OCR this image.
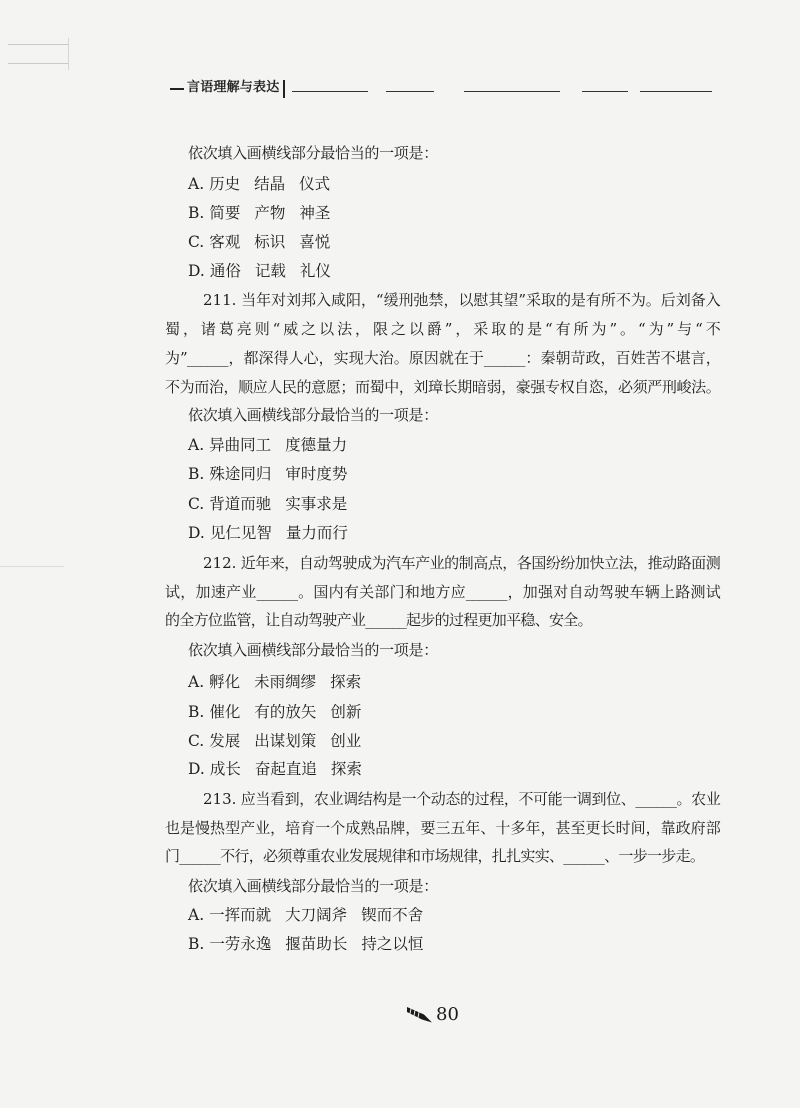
言语理解与表达
依次填入画横线部分最恰当的一项是：
A. 历史 结晶 仪式
B. 简要 产物 神圣
C. 客观 标识 喜悦
D. 通俗 记载 礼仪
211. 当年对刘邦入咸阳，“缓刑弛禁，以慰其望”采取的是有所不为。后刘备入
蜀，诸葛亮则“威之以法，限之以爵”，采取的是“有所为”。“为”与“不
为”______，都深得人心，实现大治。原因就在于______：秦朝苛政，百姓苦不堪言，
不为而治，顺应人民的意愿；而蜀中，刘璋长期暗弱，豪强专权自恣，必须严刑峻法。
依次填入画横线部分最恰当的一项是：
A. 异曲同工 度德量力
B. 殊途同归 审时度势
C. 背道而驰 实事求是
D. 见仁见智 量力而行
212. 近年来，自动驾驶成为汽车产业的制高点，各国纷纷加快立法，推动路面测
试，加速产业______。国内有关部门和地方应______，加强对自动驾驶车辆上路测试
的全方位监管，让自动驾驶产业______起步的过程更加平稳、安全。
依次填入画横线部分最恰当的一项是：
A. 孵化 未雨绸缪 探索
B. 催化 有的放矢 创新
C. 发展 出谋划策 创业
D. 成长 奋起直追 探索
213. 应当看到，农业调结构是一个动态的过程，不可能一调到位、______。农业
也是慢热型产业，培育一个成熟品牌，要三五年、十多年，甚至更长时间，靠政府部
门______不行，必须尊重农业发展规律和市场规律，扎扎实实、______、一步一步走。
依次填入画横线部分最恰当的一项是：
A. 一挥而就 大刀阔斧 锲而不舍
B. 一劳永逸 揠苗助长 持之以恒
80
